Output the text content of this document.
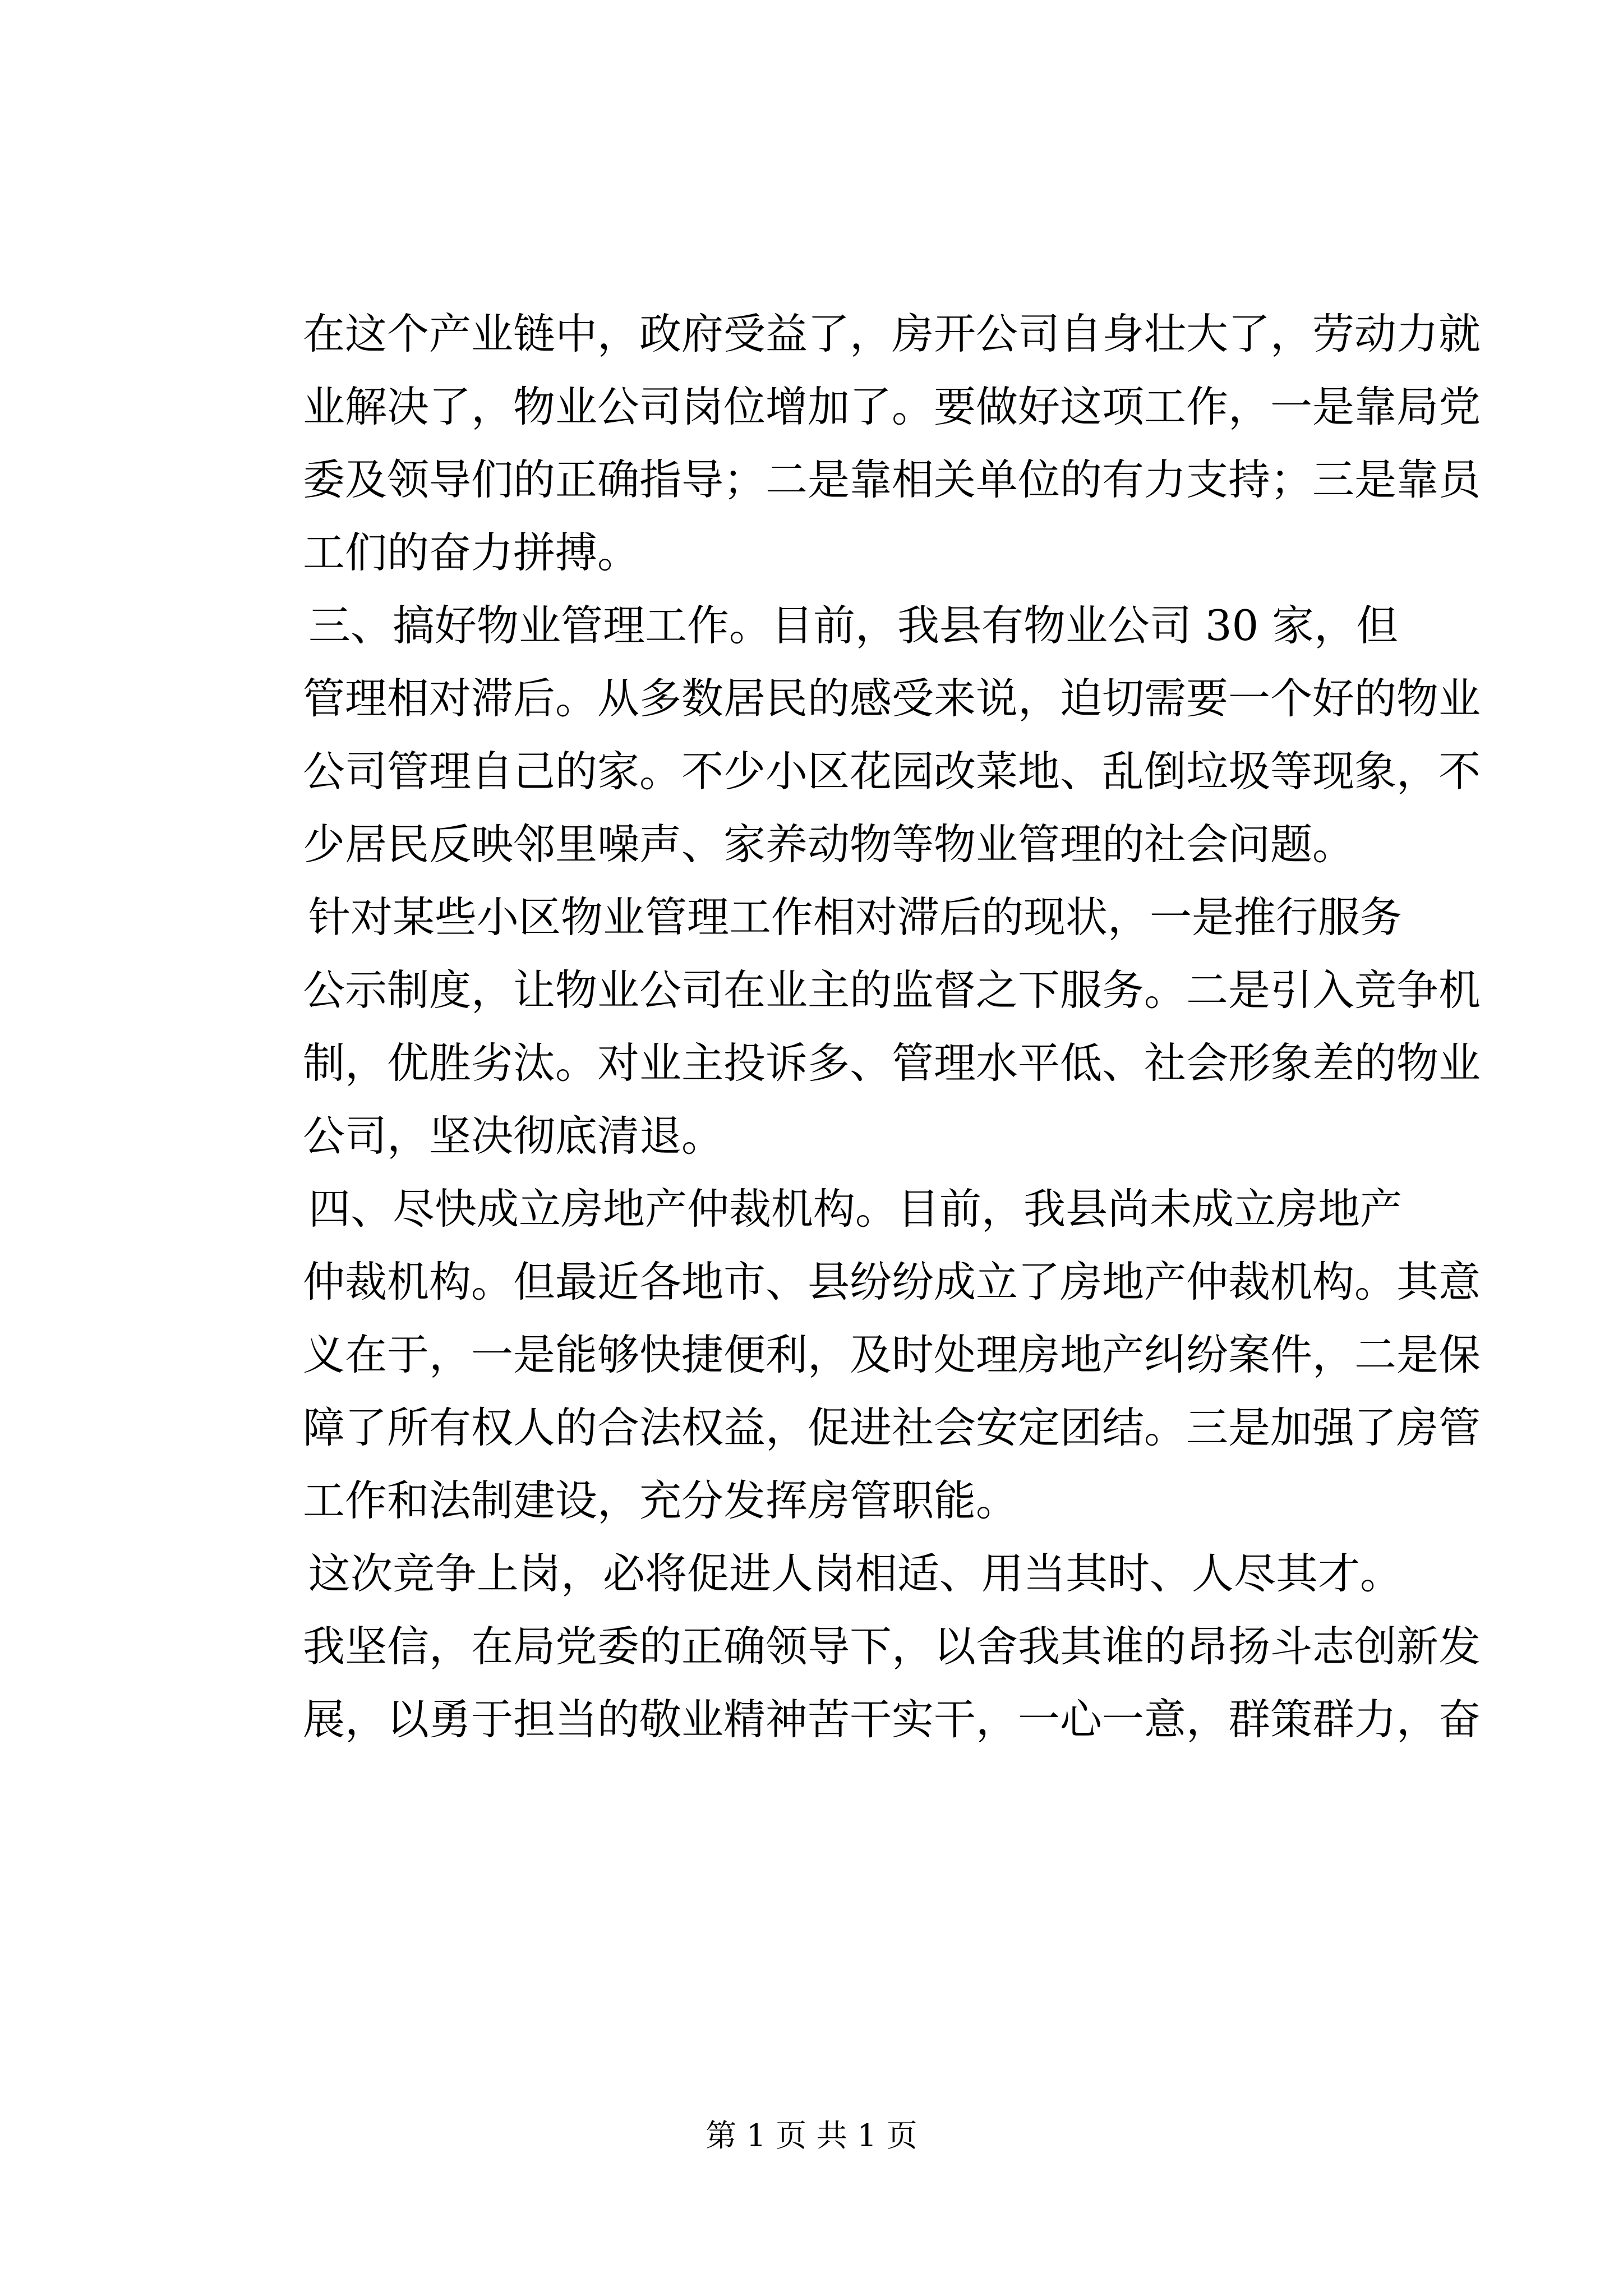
在这个产业链中，政府受益了，房开公司自身壮大了，劳动力就
业解决了，物业公司岗位增加了。要做好这项工作，一是靠局党
委及领导们的正确指导；二是靠相关单位的有力支持；三是靠员
工们的奋力拼搏。
三、搞好物业管理工作。目前，我县有物业公司 30 家，但
管理相对滞后。从多数居民的感受来说，迫切需要一个好的物业
公司管理自己的家。不少小区花园改菜地、乱倒垃圾等现象，不
少居民反映邻里噪声、家养动物等物业管理的社会问题。
针对某些小区物业管理工作相对滞后的现状，一是推行服务
公示制度，让物业公司在业主的监督之下服务。二是引入竞争机
制，优胜劣汰。对业主投诉多、管理水平低、社会形象差的物业
公司，坚决彻底清退。
四、尽快成立房地产仲裁机构。目前，我县尚未成立房地产
仲裁机构。但最近各地市、县纷纷成立了房地产仲裁机构。其意
义在于，一是能够快捷便利，及时处理房地产纠纷案件，二是保
障了所有权人的合法权益，促进社会安定团结。三是加强了房管
工作和法制建设，充分发挥房管职能。
这次竞争上岗，必将促进人岗相适、用当其时、人尽其才。
我坚信，在局党委的正确领导下，以舍我其谁的昂扬斗志创新发
展，以勇于担当的敬业精神苦干实干，一心一意，群策群力，奋
第 1 页 共 1 页
